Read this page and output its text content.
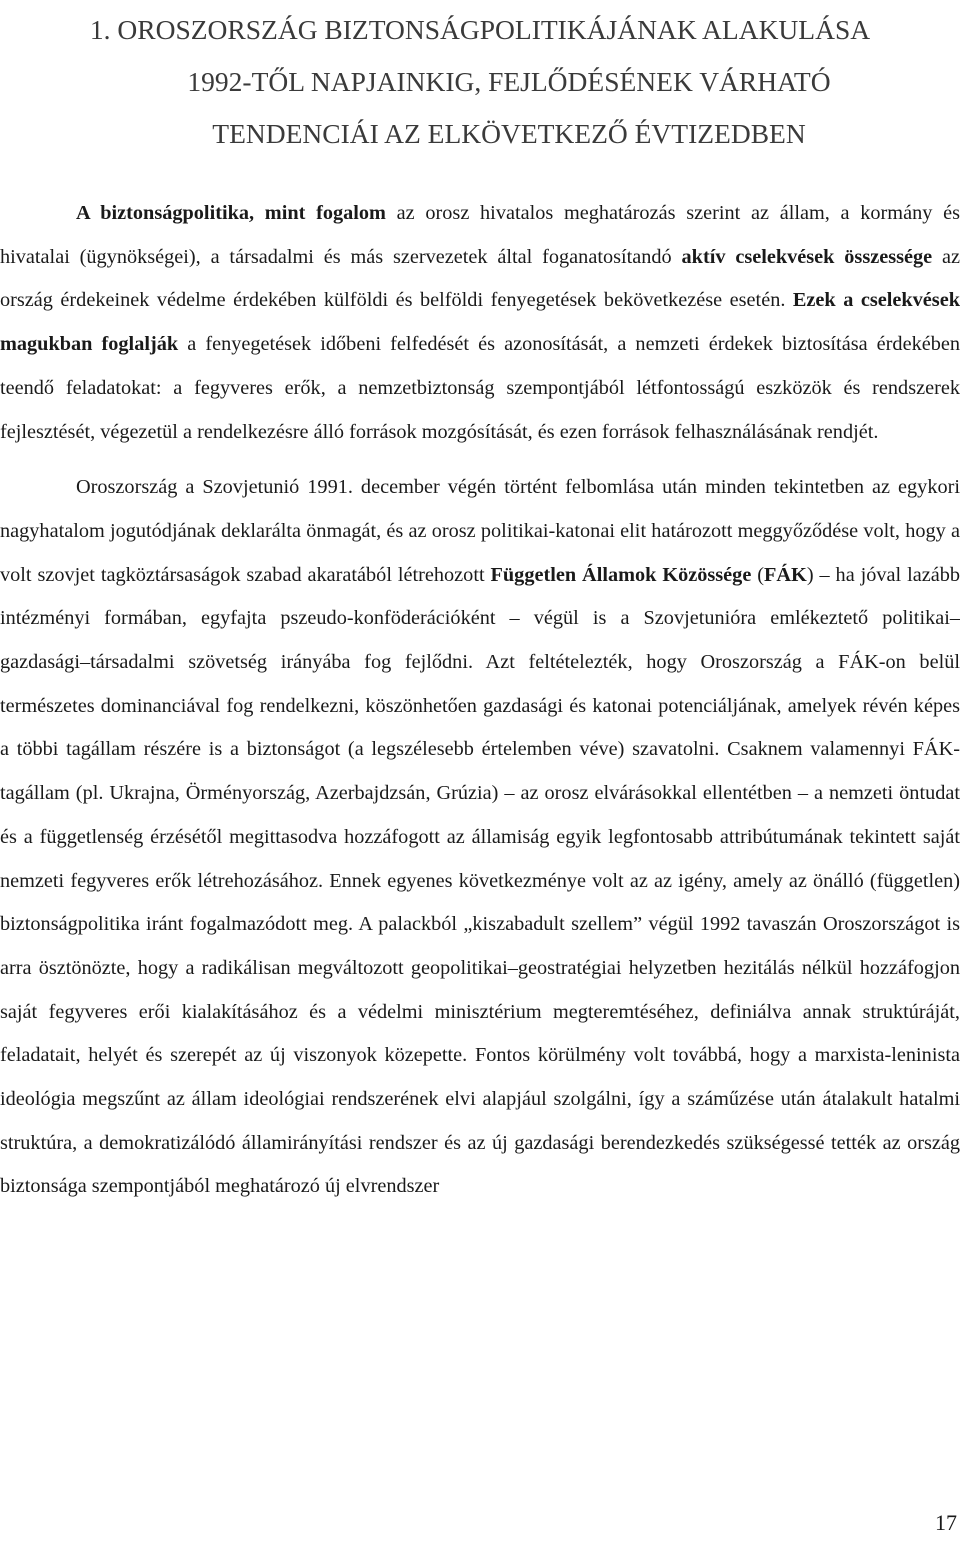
1. OROSZORSZÁG BIZTONSÁGPOLITIKÁJÁNAK ALAKULÁSA
1992-TŐL NAPJAINKIG, FEJLŐDÉSÉNEK VÁRHATÓ
TENDENCIÁI AZ ELKÖVETKEZŐ ÉVTIZEDBEN

A biztonságpolitika, mint fogalom az orosz hivatalos meghatározás szerint az állam, a kormány és hivatalai (ügynökségei), a társadalmi és más szervezetek által foganatosítandó aktív cselekvések összessége az ország érdekeinek védelme érdekében külföldi és belföldi fenyegetések bekövetkezése esetén. Ezek a cselekvések magukban foglalják a fenyegetések időbeni felfedését és azonosítását, a nemzeti érdekek biztosítása érdekében teendő feladatokat: a fegyveres erők, a nemzetbiztonság szempontjából létfontosságú eszközök és rendszerek fejlesztését, végezetül a rendelkezésre álló források mozgósítását, és ezen források felhasználásának rendjét.

Oroszország a Szovjetunió 1991. december végén történt felbomlása után minden tekintetben az egykori nagyhatalom jogutódjának deklarálta önmagát, és az orosz politikai-katonai elit határozott meggyőződése volt, hogy a volt szovjet tagköztársaságok szabad akaratából létrehozott Független Államok Közössége (FÁK) – ha jóval lazább intézményi formában, egyfajta pszeudo-konföderációként – végül is a Szovjetunióra emlékeztető politikai–gazdasági–társadalmi szövetség irányába fog fejlődni. Azt feltételezték, hogy Oroszország a FÁK-on belül természetes dominanciával fog rendelkezni, köszönhetően gazdasági és katonai potenciáljának, amelyek révén képes a többi tagállam részére is a biztonságot (a legszélesebb értelemben véve) szavatolni. Csaknem valamennyi FÁK-tagállam (pl. Ukrajna, Örményország, Azerbajdzsán, Grúzia) – az orosz elvárásokkal ellentétben – a nemzeti öntudat és a függetlenség érzésétől megittasodva hozzáfogott az államiság egyik legfontosabb attribútumának tekintett saját nemzeti fegyveres erők létrehozásához. Ennek egyenes következménye volt az az igény, amely az önálló (független) biztonságpolitika iránt fogalmazódott meg. A palackból „kiszabadult szellem” végül 1992 tavaszán Oroszországot is arra ösztönözte, hogy a radikálisan megváltozott geopolitikai–geostratégiai helyzetben hezitálás nélkül hozzáfogjon saját fegyveres erői kialakításához és a védelmi minisztérium megteremtéséhez, definiálva annak struktúráját, feladatait, helyét és szerepét az új viszonyok közepette. Fontos körülmény volt továbbá, hogy a marxista-leninista ideológia megszűnt az állam ideológiai rendszerének elvi alapjául szolgálni, így a száműzése után átalakult hatalmi struktúra, a demokratizálódó államirányítási rendszer és az új gazdasági berendezkedés szükségessé tették az ország biztonsága szempontjából meghatározó új elvrendszer

17
